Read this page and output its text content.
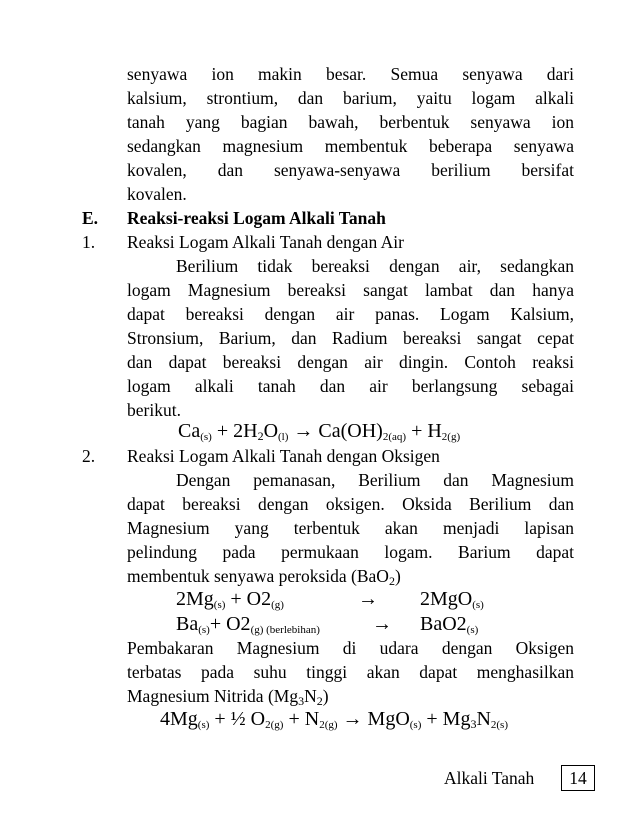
senyawa ion makin besar. Semua senyawa dari
kalsium, strontium, dan barium, yaitu logam alkali
tanah yang bagian bawah, berbentuk senyawa ion
sedangkan magnesium membentuk beberapa senyawa
kovalen, dan senyawa-senyawa berilium bersifat
kovalen.
E. Reaksi-reaksi Logam Alkali Tanah
1. Reaksi Logam Alkali Tanah dengan Air
Berilium tidak bereaksi dengan air, sedangkan
logam Magnesium bereaksi sangat lambat dan hanya
dapat bereaksi dengan air panas. Logam Kalsium,
Stronsium, Barium, dan Radium bereaksi sangat cepat
dan dapat bereaksi dengan air dingin. Contoh reaksi
logam alkali tanah dan air berlangsung sebagai
berikut.
$Ca_{(s)} + 2H_2O_{(l)} \to Ca(OH)_{2(aq)} + H_{2(g)}$
2. Reaksi Logam Alkali Tanah dengan Oksigen
Dengan pemanasan, Berilium dan Magnesium
dapat bereaksi dengan oksigen. Oksida Berilium dan
Magnesium yang terbentuk akan menjadi lapisan
pelindung pada permukaan logam. Barium dapat
membentuk senyawa peroksida (BaO$_2$)
$2Mg_{(s)} + O2_{(g)}$	→ 2MgO$_{(s)}$
$Ba_{(s)}+ O2_{(g) (berlebihan)}$	→ $BaO2_{(s)}$
Pembakaran Magnesium di udara dengan Oksigen
terbatas pada suhu tinggi akan dapat menghasilkan
Magnesium Nitrida $(Mg_3N_2)$
$4Mg_{(s)}$ + ½ $O_{2(g)} + N_{2(g)} \to MgO_{(s)} + Mg_3N_{2(s)}$
Alkali Tanah	14
